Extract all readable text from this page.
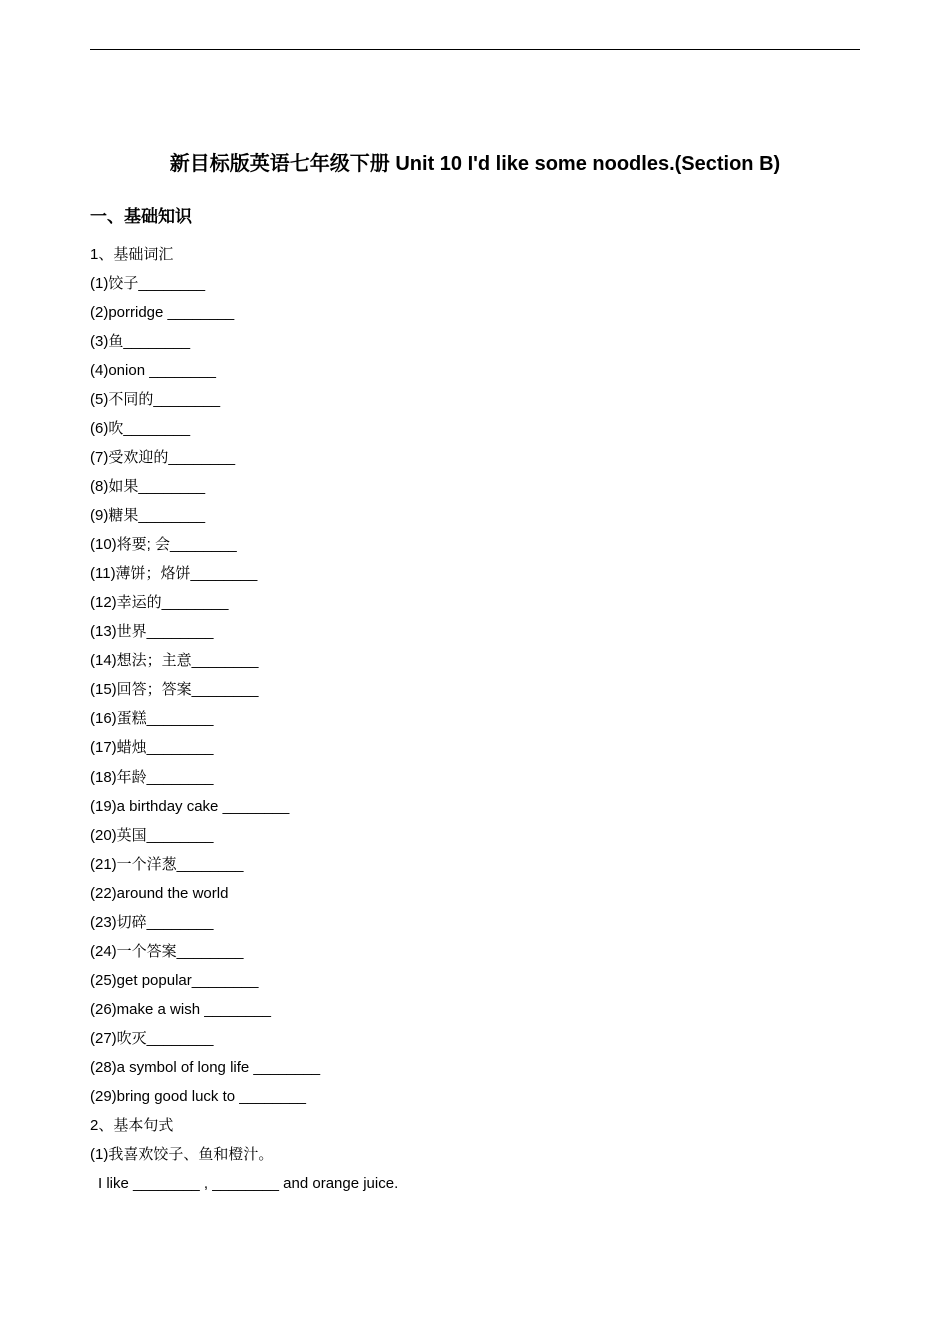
新目标版英语七年级下册 Unit 10 I'd like some noodles.(Section B)
一、基础知识
1、基础词汇
(1)饺子________
(2)porridge ________
(3)鱼________
(4)onion ________
(5)不同的________
(6)吹________
(7)受欢迎的________
(8)如果________
(9)糖果________
(10)将要; 会________
(11)薄饼；烙饼________
(12)幸运的________
(13)世界________
(14)想法；主意________
(15)回答；答案________
(16)蛋糕________
(17)蜡烛________
(18)年龄________
(19)a birthday cake ________
(20)英国________
(21)一个洋葱________
(22)around the world
(23)切碎________
(24)一个答案________
(25)get popular________
(26)make a wish ________
(27)吹灭________
(28)a symbol of long life ________
(29)bring good luck to ________
2、基本句式
(1)我喜欢饺子、鱼和橙汁。
I like ________ , ________ and orange juice.
